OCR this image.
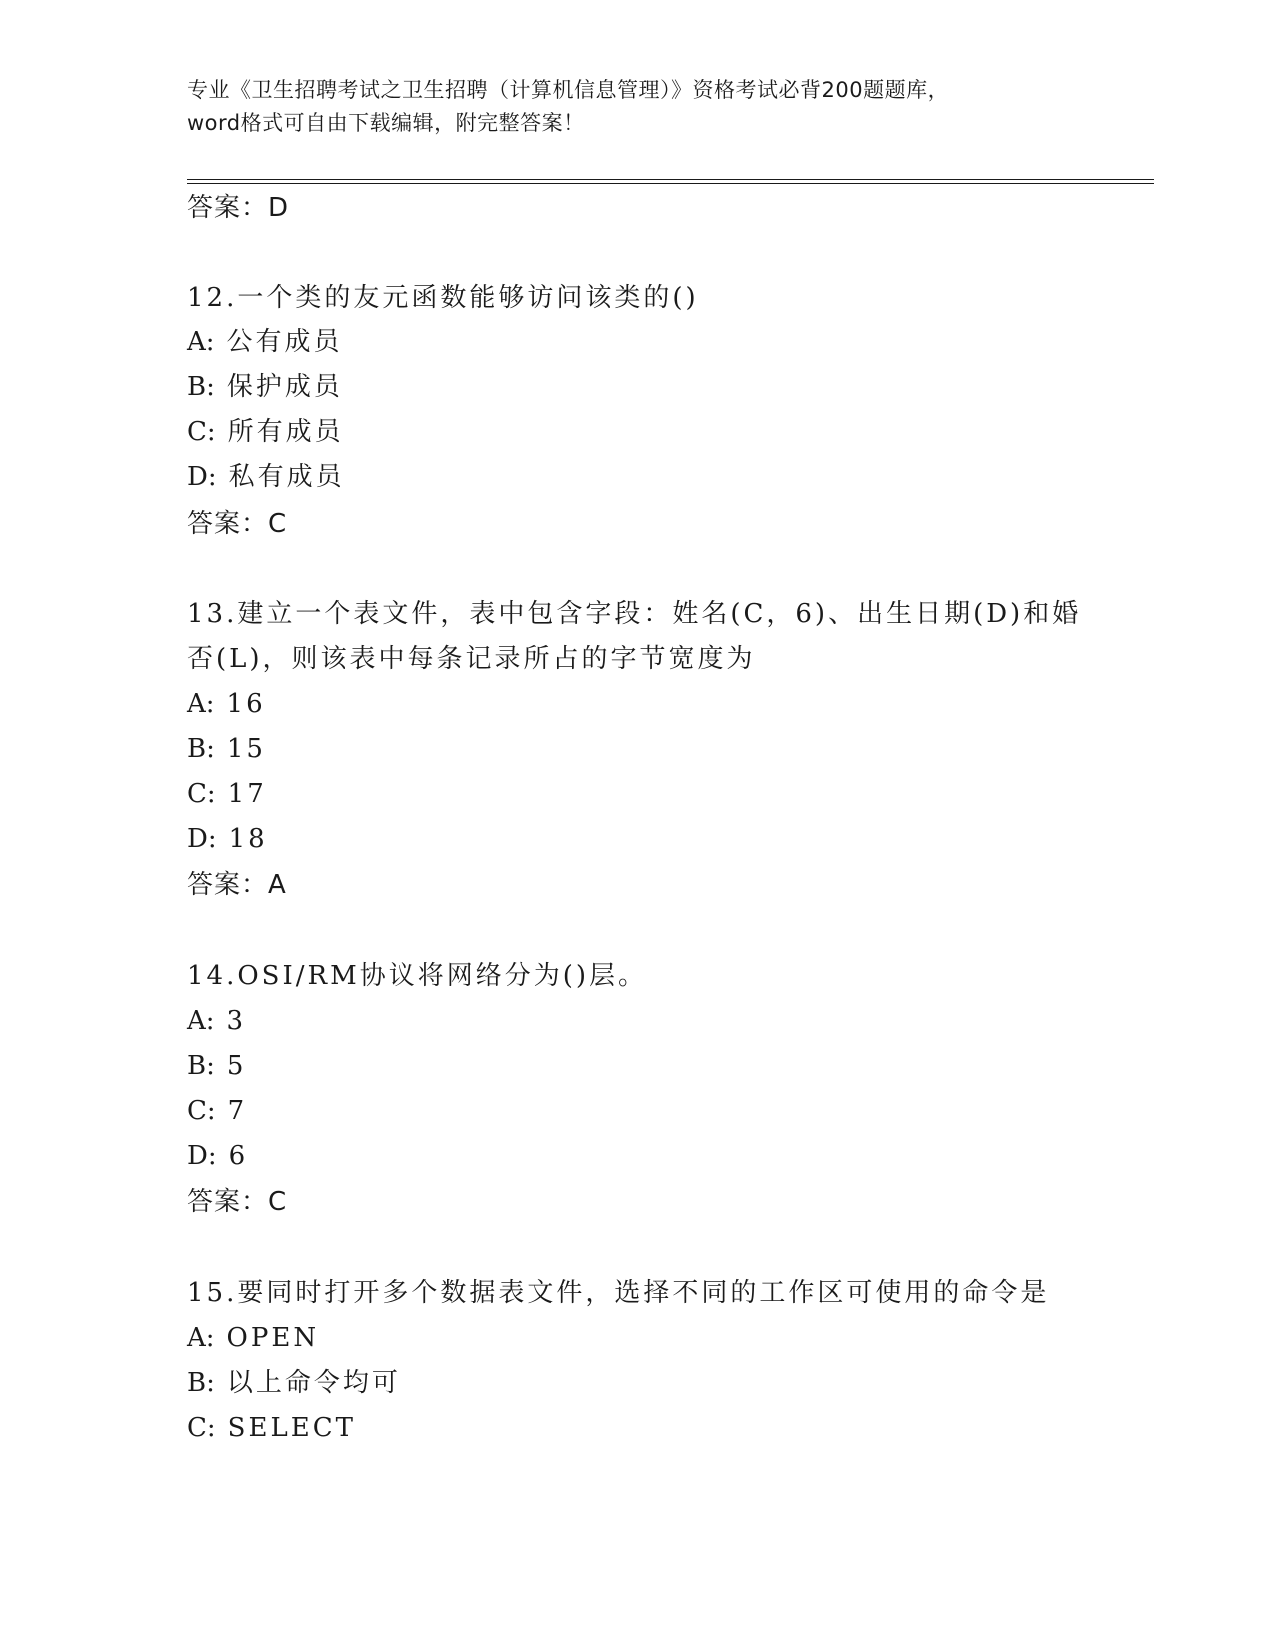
专业《卫生招聘考试之卫生招聘（计算机信息管理）》资格考试必背200题题库，
word格式可自由下载编辑，附完整答案！
答案：D
12.一个类的友元函数能够访问该类的()
A: 公有成员
B: 保护成员
C: 所有成员
D: 私有成员
答案：C
13.建立一个表文件，表中包含字段：姓名(C，6)、出生日期(D)和婚
否(L)，则该表中每条记录所占的字节宽度为
A: 16
B: 15
C: 17
D: 18
答案：A
14.OSI/RM协议将网络分为()层。
A: 3
B: 5
C: 7
D: 6
答案：C
15.要同时打开多个数据表文件，选择不同的工作区可使用的命令是
A: OPEN
B: 以上命令均可
C: SELECT
